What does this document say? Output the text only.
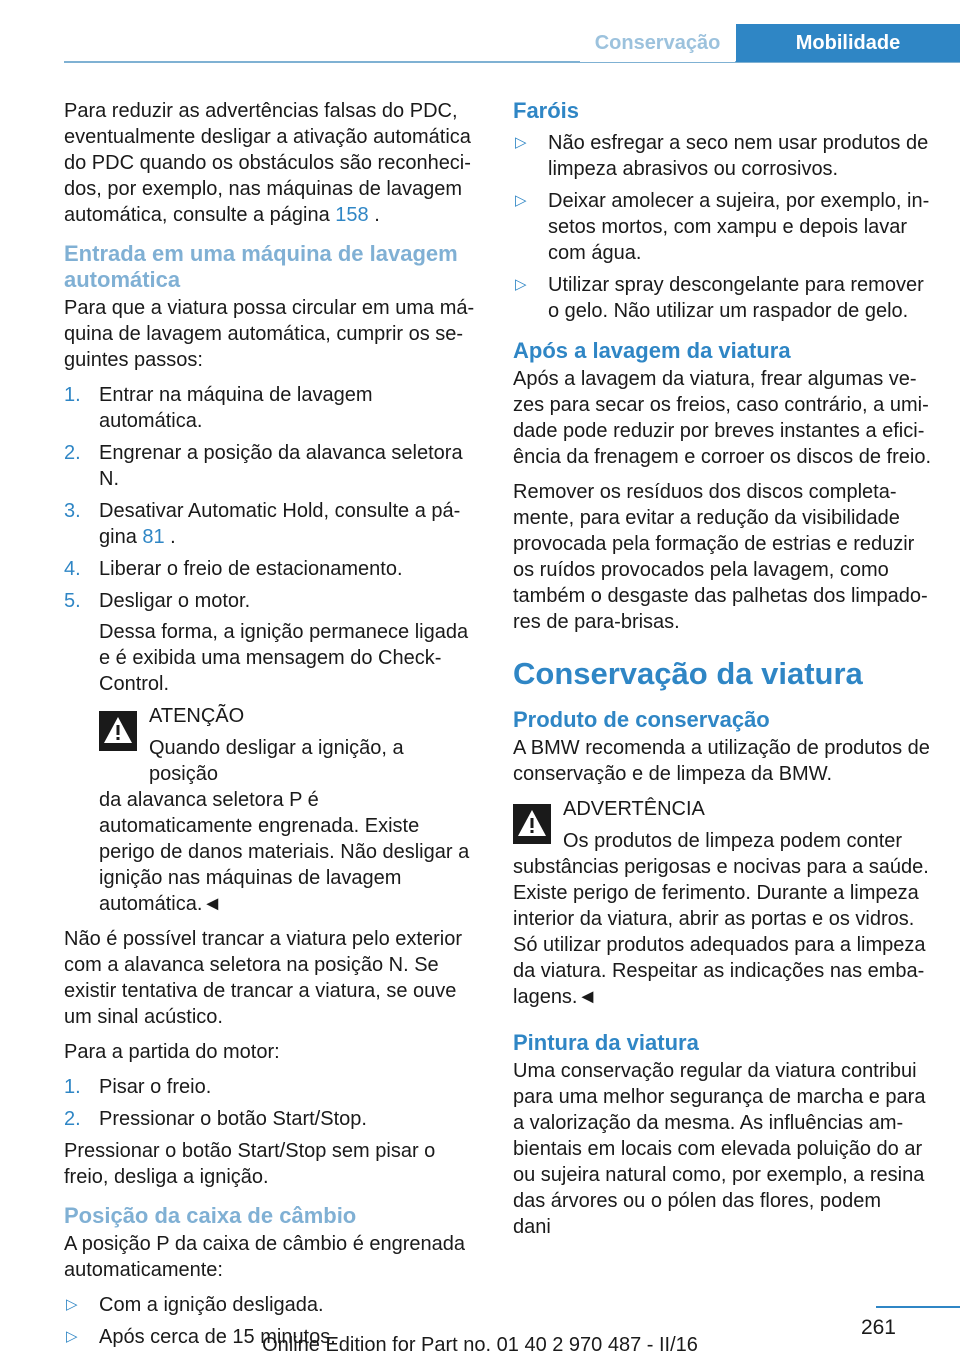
Conservação	Mobilidade

Para reduzir as advertências falsas do PDC, eventualmente desligar a ativação automática do PDC quando os obstáculos são reconhecidos, por exemplo, nas máquinas de lavagem automática, consulte a página 158 .

Entrada em uma máquina de lavagem automática

Para que a viatura possa circular em uma máquina de lavagem automática, cumprir os seguintes passos:

1. Entrar na máquina de lavagem automática.
2. Engrenar a posição da alavanca seletora N.
3. Desativar Automatic Hold, consulte a página 81 .
4. Liberar o freio de estacionamento.
5. Desligar o motor.
Dessa forma, a ignição permanece ligada e é exibida uma mensagem do Check-Control.
ATENÇÃO
Quando desligar a ignição, a posição
da alavanca seletora P é automaticamente engrenada. Existe perigo de danos materiais. Não desligar a ignição nas máquinas de lavagem automática.◄

Não é possível trancar a viatura pelo exterior com a alavanca seletora na posição N. Se existir tentativa de trancar a viatura, se ouve um sinal acústico.

Para a partida do motor:

1. Pisar o freio.
2. Pressionar o botão Start/Stop.

Pressionar o botão Start/Stop sem pisar o freio, desliga a ignição.

Posição da caixa de câmbio

A posição P da caixa de câmbio é engrenada automaticamente:

▷ Com a ignição desligada.
▷ Após cerca de 15 minutos.
Faróis
▷ Não esfregar a seco nem usar produtos de limpeza abrasivos ou corrosivos.
▷ Deixar amolecer a sujeira, por exemplo, insetos mortos, com xampu e depois lavar com água.
▷ Utilizar spray descongelante para remover o gelo. Não utilizar um raspador de gelo.
Após a lavagem da viatura

Após a lavagem da viatura, frear algumas vezes para secar os freios, caso contrário, a umidade pode reduzir por breves instantes a eficiência da frenagem e corroer os discos de freio.

Remover os resíduos dos discos completamente, para evitar a redução da visibilidade provocada pela formação de estrias e reduzir os ruídos provocados pela lavagem, como também o desgaste das palhetas dos limpadores de para-brisas.

Conservação da viatura
Produto de conservação

A BMW recomenda a utilização de produtos de conservação e de limpeza da BMW.

ADVERTÊNCIA
Os produtos de limpeza podem conter
substâncias perigosas e nocivas para a saúde. Existe perigo de ferimento. Durante a limpeza interior da viatura, abrir as portas e os vidros. Só utilizar produtos adequados para a limpeza da viatura. Respeitar as indicações nas embalagens.◄
Pintura da viatura

Uma conservação regular da viatura contribui para uma melhor segurança de marcha e para a valorização da mesma. As influências ambientais em locais com elevada poluição do ar ou sujeira natural como, por exemplo, a resina das árvores ou o pólen das flores, podem dani

261
Online Edition for Part no. 01 40 2 970 487 - II/16
